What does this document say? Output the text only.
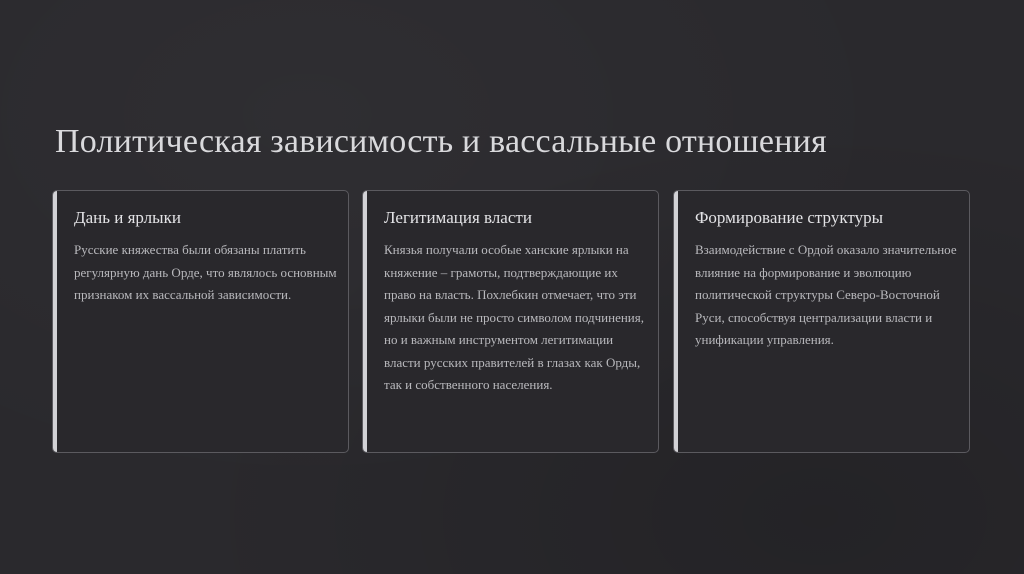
Политическая зависимость и вассальные отношения
Дань и ярлыки

Русские княжества были обязаны платить регулярную дань Орде, что являлось основным признаком их вассальной зависимости.

Легитимация власти

Князья получали особые ханские ярлыки на княжение – грамоты, подтверждающие их право на власть. Похлебкин отмечает, что эти ярлыки были не просто символом подчинения, но и важным инструментом легитимации власти русских правителей в глазах как Орды, так и собственного населения.

Формирование структуры

Взаимодействие с Ордой оказало значительное влияние на формирование и эволюцию политической структуры Северо-Восточной Руси, способствуя централизации власти и унификации управления.
